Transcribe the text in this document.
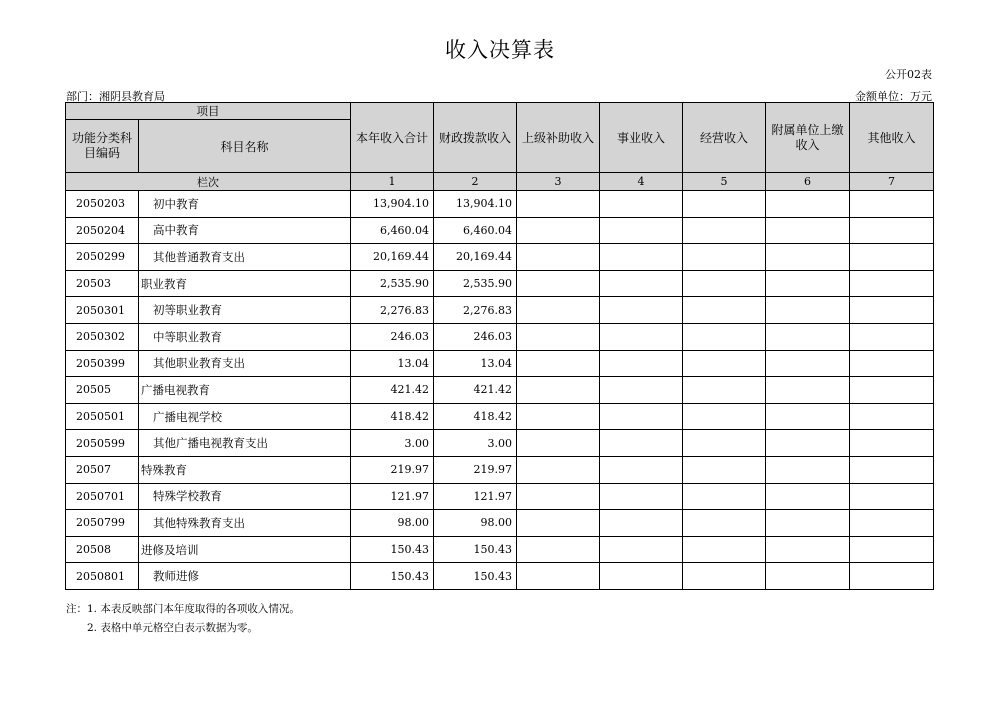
收入决算表
公开02表
部门：湘阴县教育局	金额单位：万元
项目		本年收入合计	财政拨款收入	上级补助收入	事业收入	经营收入	附属单位上缴收入	其他收入
功能分类科目编码	科目名称							
栏次		1	2	3	4	5	6	7
2050203	初中教育	13,904.10	13,904.10					
2050204	高中教育	6,460.04	6,460.04					
2050299	其他普通教育支出	20,169.44	20,169.44					
20503	职业教育	2,535.90	2,535.90					
2050301	初等职业教育	2,276.83	2,276.83					
2050302	中等职业教育	246.03	246.03					
2050399	其他职业教育支出	13.04	13.04					
20505	广播电视教育	421.42	421.42					
2050501	广播电视学校	418.42	418.42					
2050599	其他广播电视教育支出	3.00	3.00					
20507	特殊教育	219.97	219.97					
2050701	特殊学校教育	121.97	121.97					
2050799	其他特殊教育支出	98.00	98.00					
20508	进修及培训	150.43	150.43					
2050801	教师进修	150.43	150.43					
注：1. 本表反映部门本年度取得的各项收入情况。
2. 表格中单元格空白表示数据为零。
